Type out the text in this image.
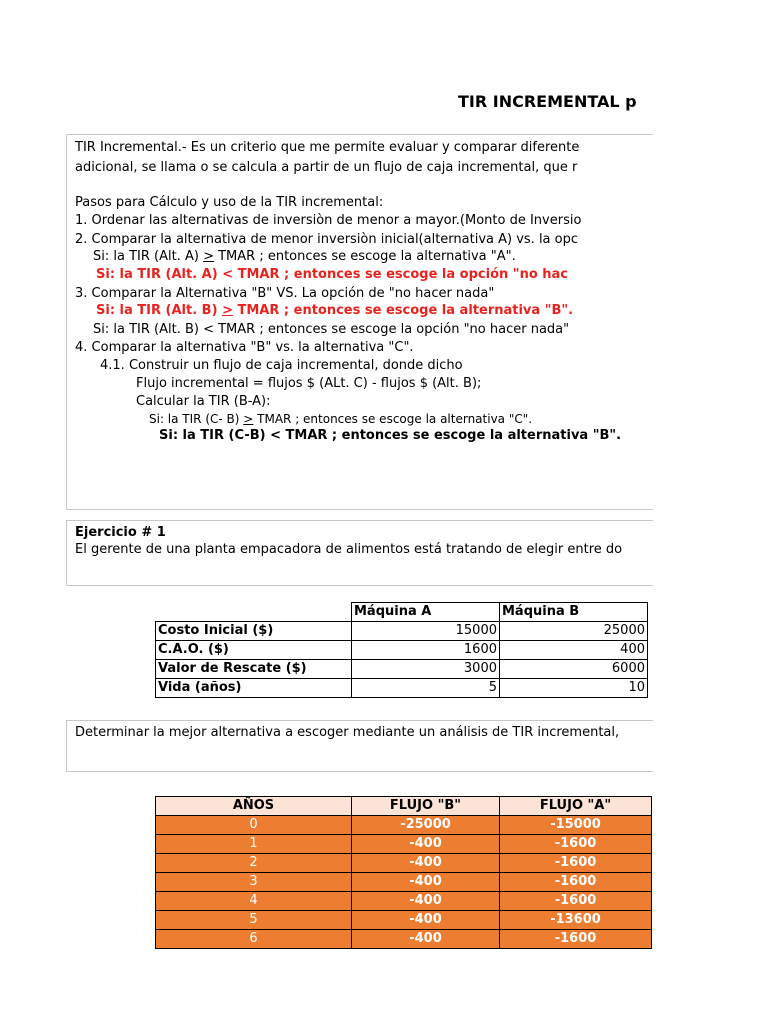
TIR INCREMENTAL p
TIR Incremental.- Es un criterio que me permite evaluar y comparar diferente
adicional, se llama o se calcula a partir de un flujo de caja incremental, que r
Pasos para Cálculo y uso de la TIR incremental:
1. Ordenar las alternativas de inversiòn de menor a mayor.(Monto de Inversio
2. Comparar la alternativa de menor inversiòn inicial(alternativa A) vs. la opc
Si: la TIR (Alt. A) > TMAR ; entonces se escoge la alternativa "A".
Si: la TIR (Alt. A) < TMAR ; entonces se escoge la opción "no hac
3. Comparar la Alternativa "B" VS. La opción de "no hacer nada"
Si: la TIR (Alt. B) > TMAR ; entonces se escoge la alternativa "B".
Si: la TIR (Alt. B) < TMAR ; entonces se escoge la opción "no hacer nada"
4. Comparar la alternativa "B" vs. la alternativa "C".
4.1. Construir un flujo de caja incremental, donde dicho
Flujo incremental = flujos $ (ALt. C) - flujos $ (Alt. B);
Calcular la TIR (B-A):
Si: la TIR (C- B) > TMAR ; entonces se escoge la alternativa "C".
Si: la TIR (C-B) < TMAR ; entonces se escoge la alternativa "B".
Ejercicio # 1
El gerente de una planta empacadora de alimentos está tratando de elegir entre do
	Máquina A	Máquina B
Costo Inicial ($)	15000	25000
C.A.O. ($)	1600	400
Valor de Rescate ($)	3000	6000
Vida (años)	5	10
Determinar la mejor alternativa a escoger mediante un análisis de TIR incremental,
AÑOS	FLUJO "B"	FLUJO "A"
0	-25000	-15000
1	-400	-1600
2	-400	-1600
3	-400	-1600
4	-400	-1600
5	-400	-13600
6	-400	-1600
